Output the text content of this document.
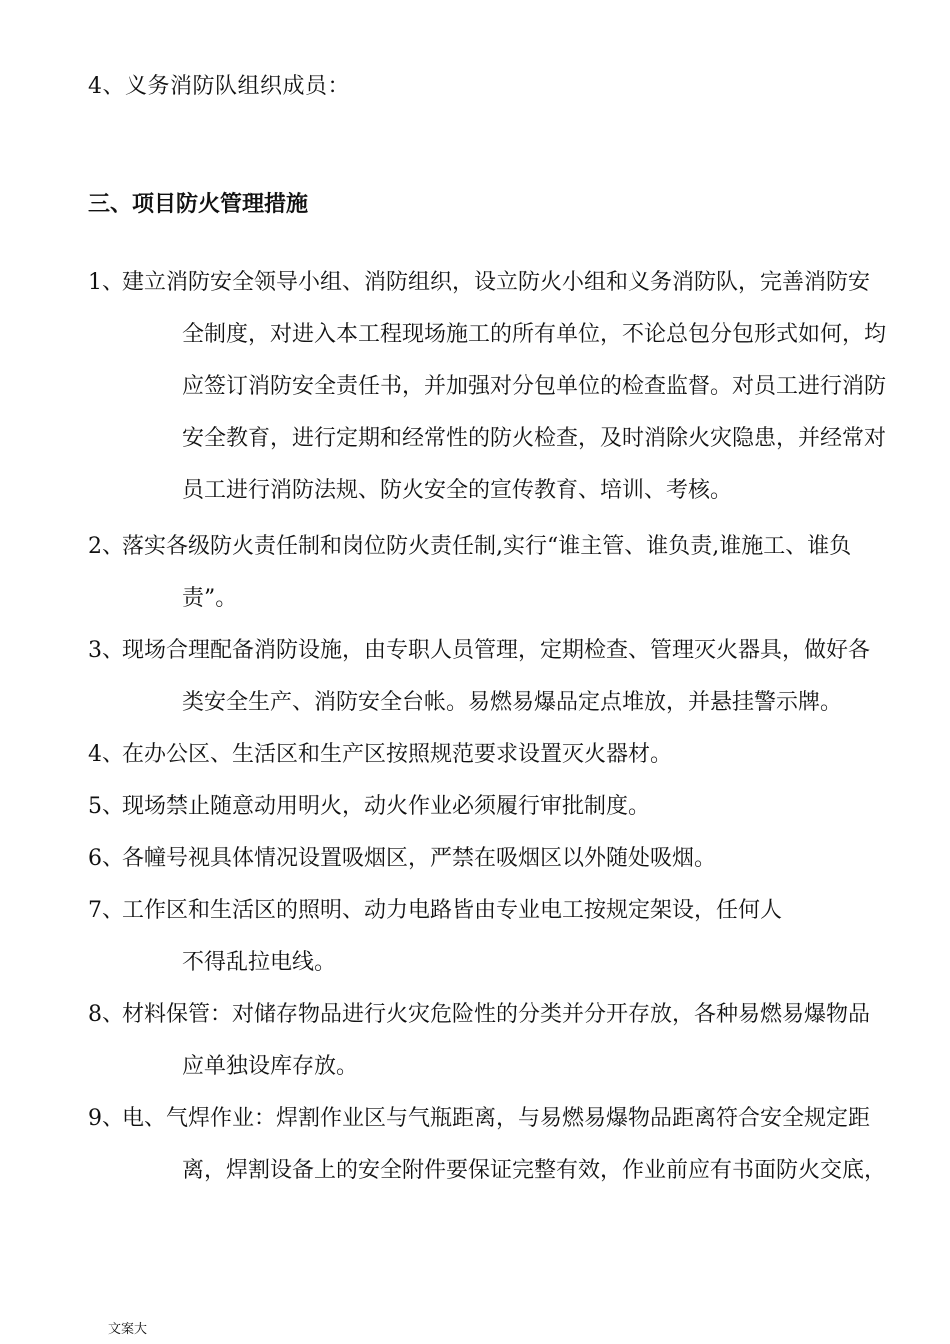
4、义务消防队组织成员：
三、项目防火管理措施
1、
建立消防安全领导小组、消防组织，设立防火小组和义务消防队，完善消防安
全制度，对进入本工程现场施工的所有单位，不论总包分包形式如何，均
应签订消防安全责任书，并加强对分包单位的检查监督。对员工进行消防
安全教育，进行定期和经常性的防火检查，及时消除火灾隐患，并经常对
员工进行消防法规、防火安全的宣传教育、培训、考核。
2、
落实各级防火责任制和岗位防火责任制,实行“谁主管、谁负责,谁施工、谁负
责”。
3、
现场合理配备消防设施，由专职人员管理，定期检查、管理灭火器具，做好各
类安全生产、消防安全台帐。易燃易爆品定点堆放，并悬挂警示牌。
4、
在办公区、生活区和生产区按照规范要求设置灭火器材。
5、
现场禁止随意动用明火，动火作业必须履行审批制度。
6、
各幢号视具体情况设置吸烟区，严禁在吸烟区以外随处吸烟。
7、
工作区和生活区的照明、动力电路皆由专业电工按规定架设，任何人
不得乱拉电线。
8、
材料保管：对储存物品进行火灾危险性的分类并分开存放，各种易燃易爆物品
应单独设库存放。
9、
电、气焊作业：焊割作业区与气瓶距离，与易燃易爆物品距离符合安全规定距
离，焊割设备上的安全附件要保证完整有效，作业前应有书面防火交底，
文案大
